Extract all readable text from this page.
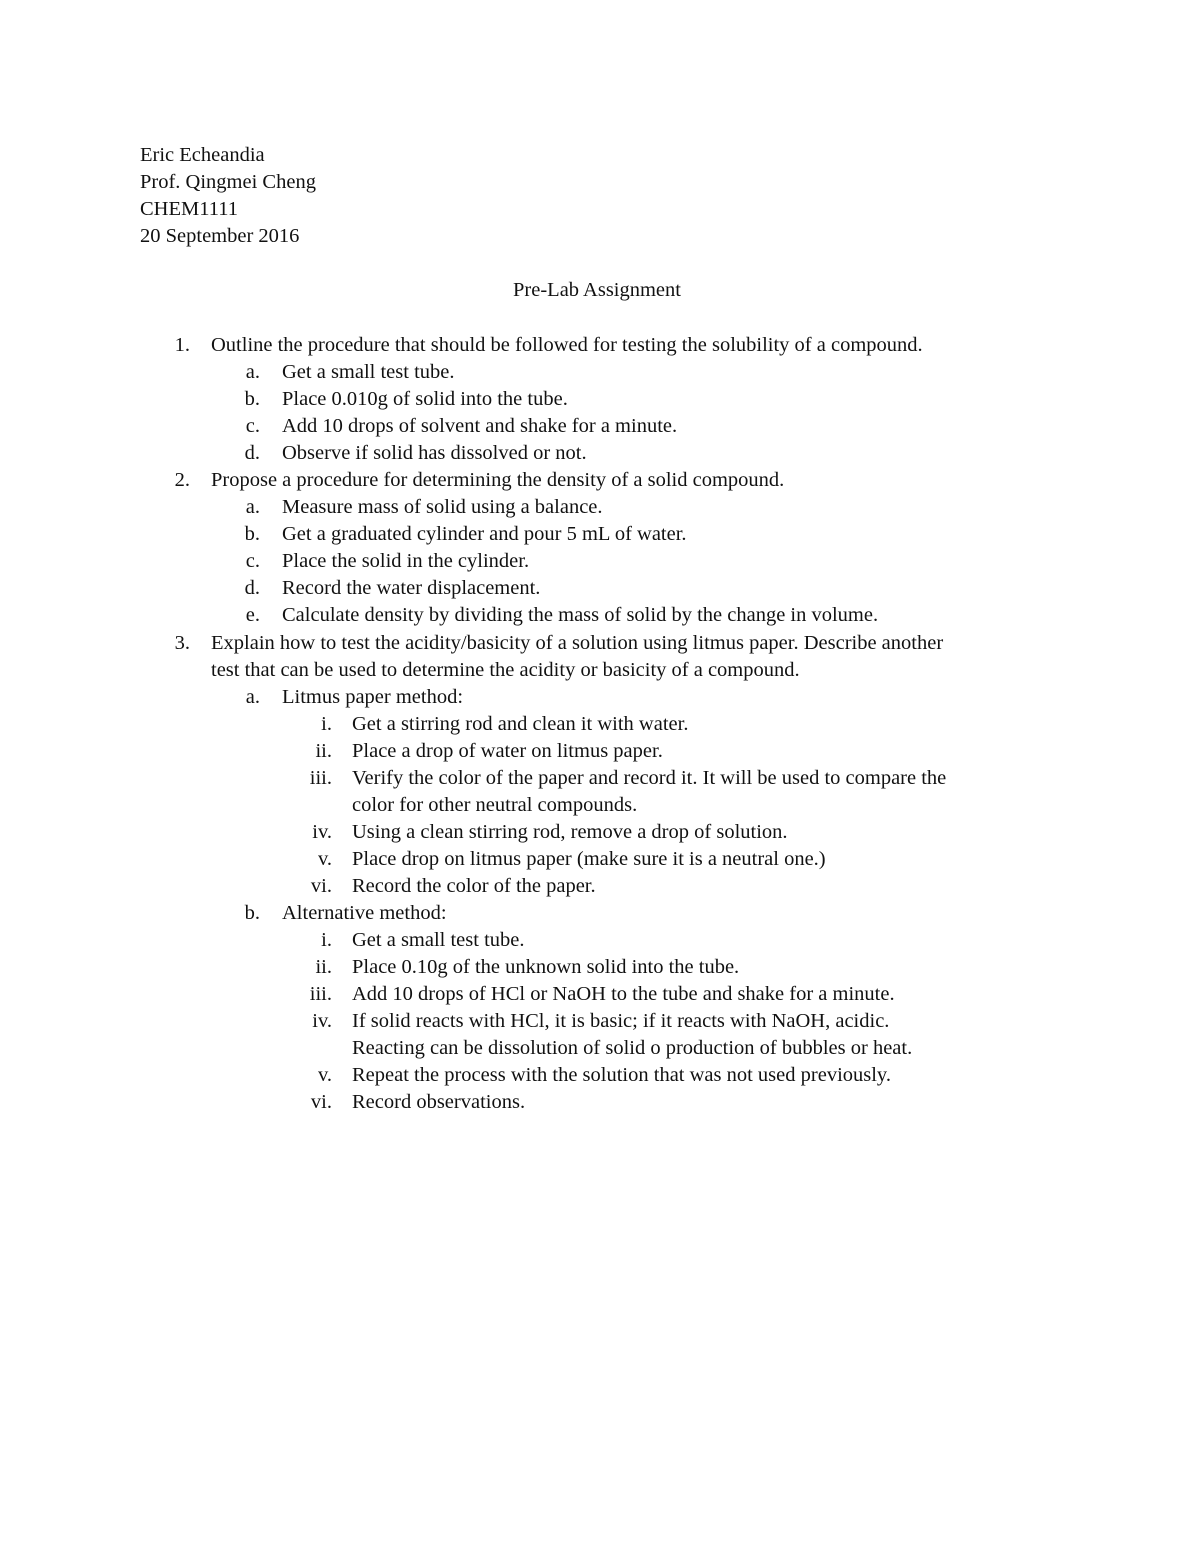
Eric Echeandia
Prof. Qingmei Cheng
CHEM1111
20 September 2016
Pre-Lab Assignment
1. Outline the procedure that should be followed for testing the solubility of a compound.
a. Get a small test tube.
b. Place 0.010g of solid into the tube.
c. Add 10 drops of solvent and shake for a minute.
d. Observe if solid has dissolved or not.
2. Propose a procedure for determining the density of a solid compound.
a. Measure mass of solid using a balance.
b. Get a graduated cylinder and pour 5 mL of water.
c. Place the solid in the cylinder.
d. Record the water displacement.
e. Calculate density by dividing the mass of solid by the change in volume.
3. Explain how to test the acidity/basicity of a solution using litmus paper. Describe another
test that can be used to determine the acidity or basicity of a compound.
a. Litmus paper method:
i. Get a stirring rod and clean it with water.
ii. Place a drop of water on litmus paper.
iii. Verify the color of the paper and record it. It will be used to compare the
color for other neutral compounds.
iv. Using a clean stirring rod, remove a drop of solution.
v. Place drop on litmus paper (make sure it is a neutral one.)
vi. Record the color of the paper.
b. Alternative method:
i. Get a small test tube.
ii. Place 0.10g of the unknown solid into the tube.
iii. Add 10 drops of HCl or NaOH to the tube and shake for a minute.
iv. If solid reacts with HCl, it is basic; if it reacts with NaOH, acidic.
Reacting can be dissolution of solid o production of bubbles or heat.
v. Repeat the process with the solution that was not used previously.
vi. Record observations.
